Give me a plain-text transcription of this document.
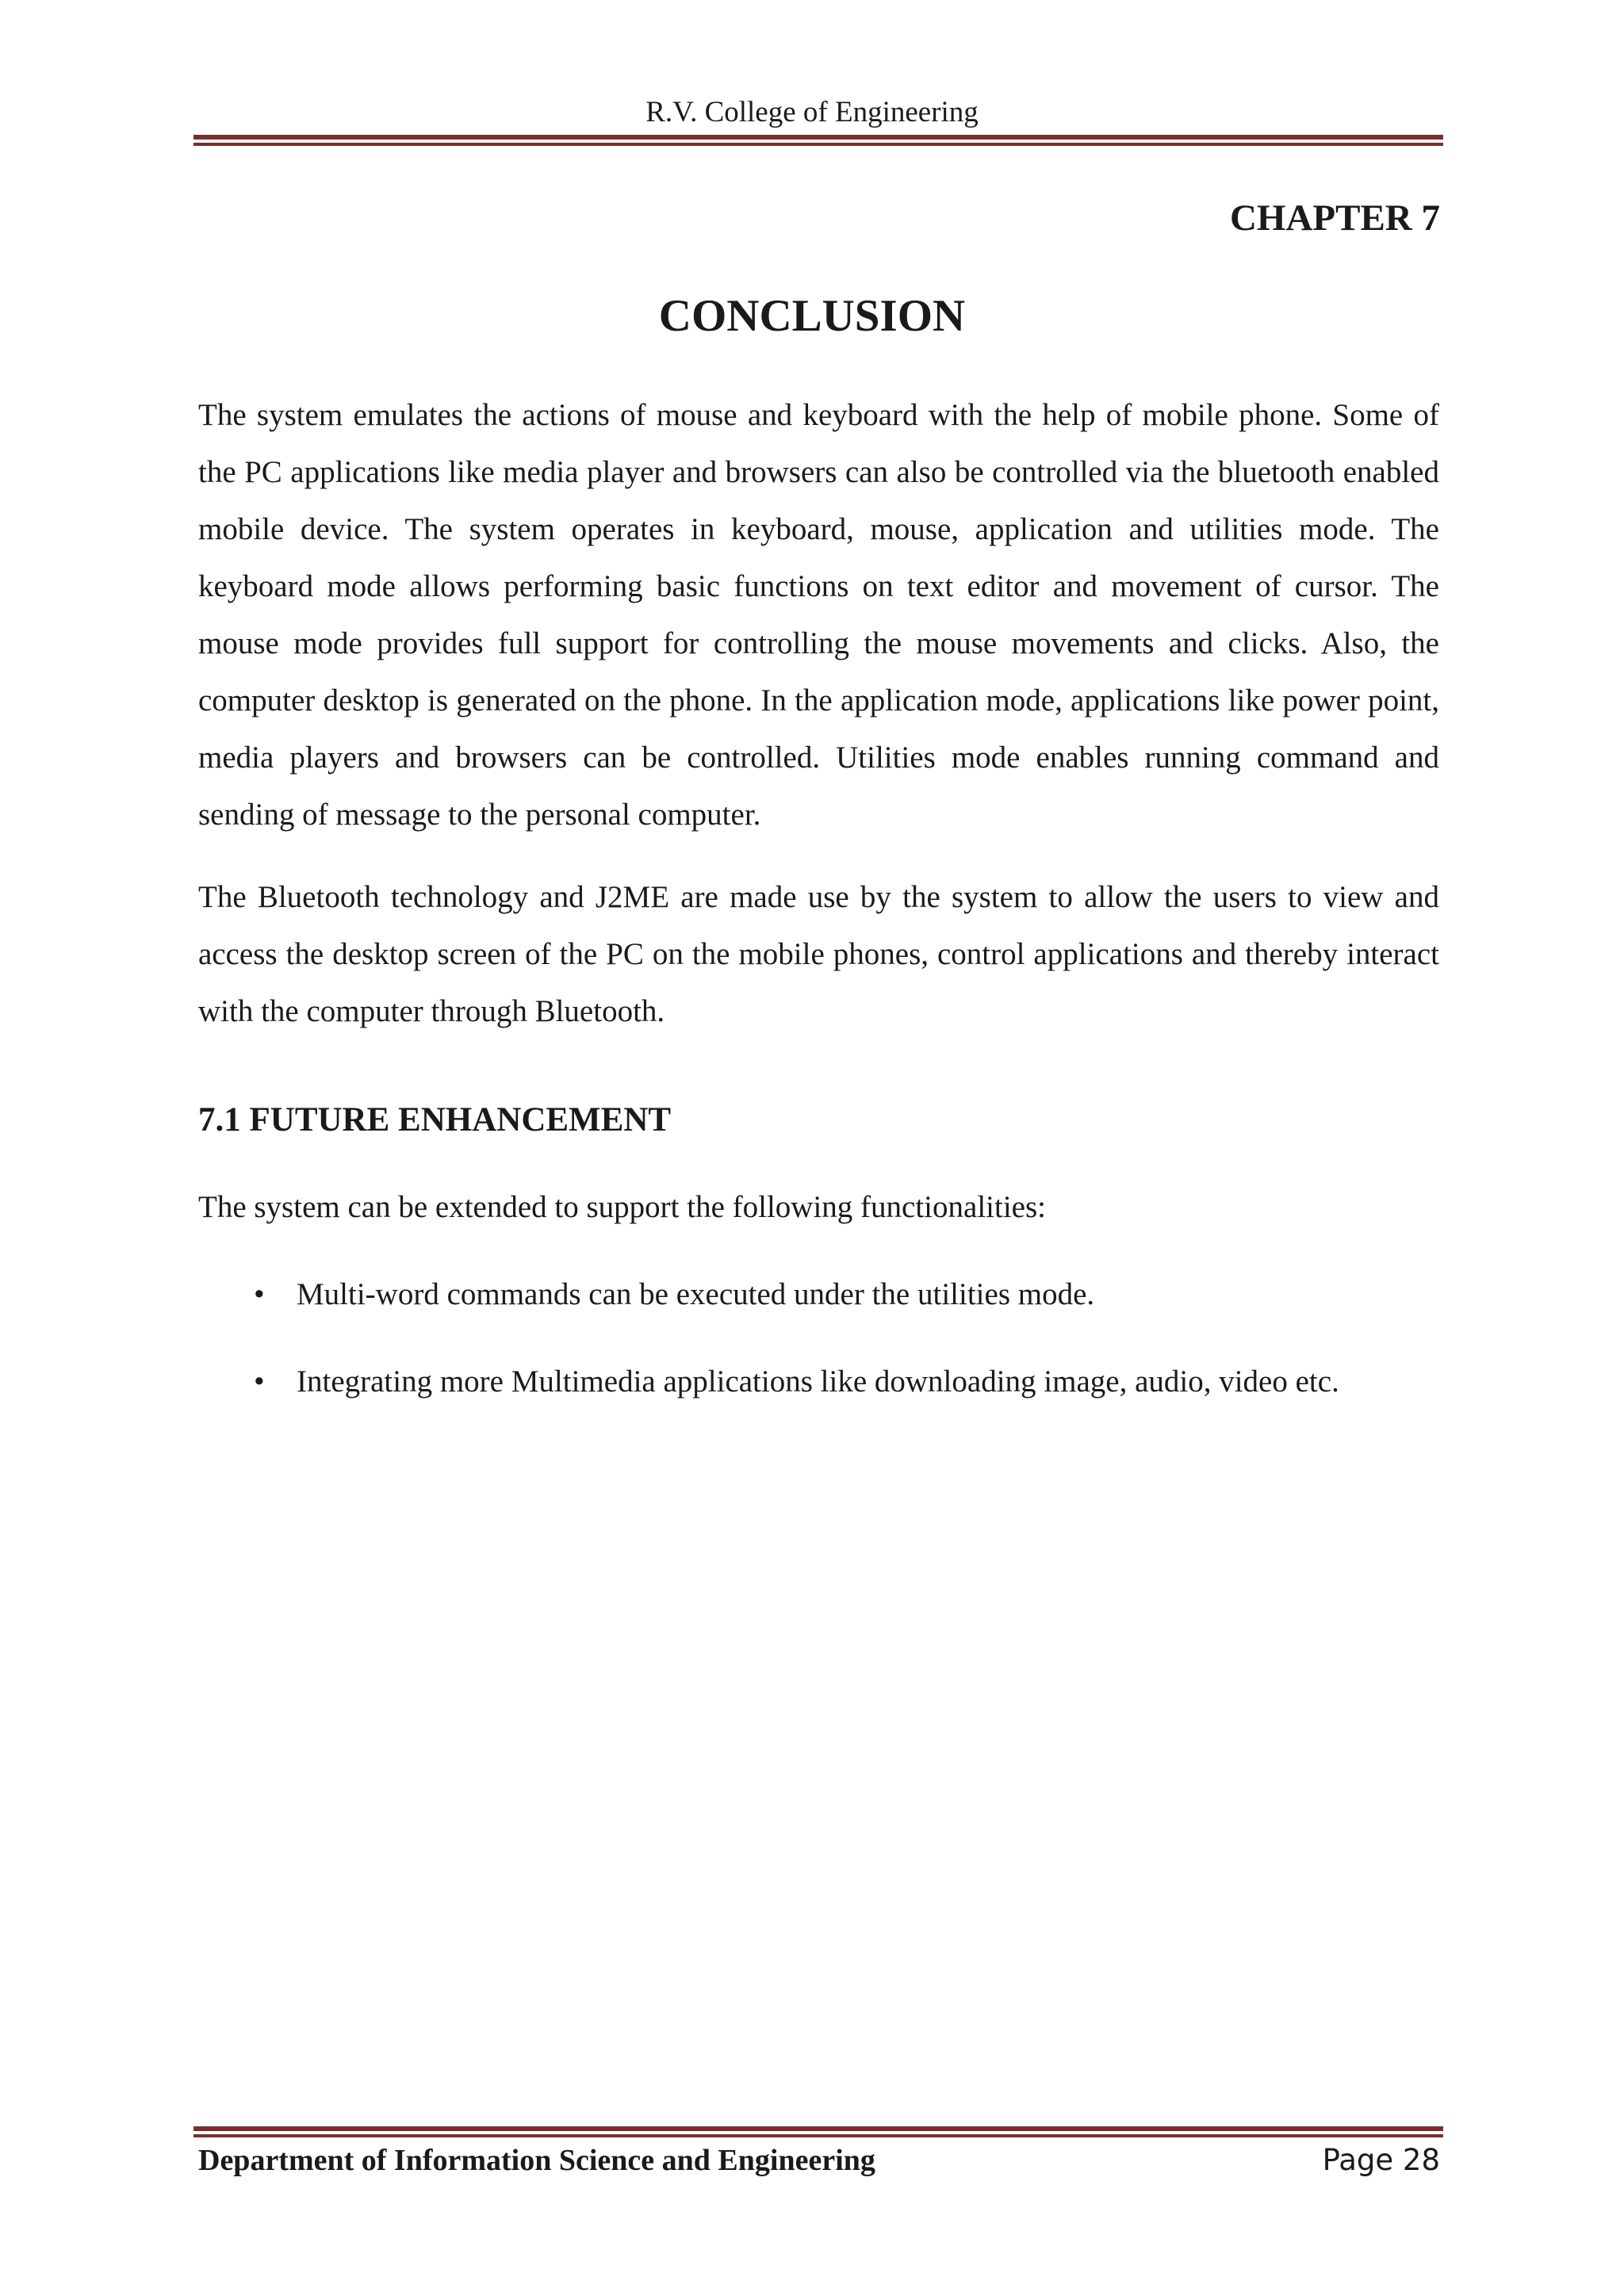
R.V. College of Engineering
CHAPTER 7
CONCLUSION

The system emulates the actions of mouse and keyboard with the help of mobile phone. Some of the PC applications like media player and browsers can also be controlled via the bluetooth enabled mobile device. The system operates in keyboard, mouse, application and utilities mode. The keyboard mode allows performing basic functions on text editor and movement of cursor. The mouse mode provides full support for controlling the mouse movements and clicks. Also, the computer desktop is generated on the phone. In the application mode, applications like power point, media players and browsers can be controlled. Utilities mode enables running command and sending of message to the personal computer.

The Bluetooth technology and J2ME are made use by the system to allow the users to view and access the desktop screen of the PC on the mobile phones, control applications and thereby interact with the computer through Bluetooth.

7.1 FUTURE ENHANCEMENT
The system can be extended to support the following functionalities:
• Multi-word commands can be executed under the utilities mode.
• Integrating more Multimedia applications like downloading image, audio, video etc.
Department of Information Science and Engineering	Page 28
